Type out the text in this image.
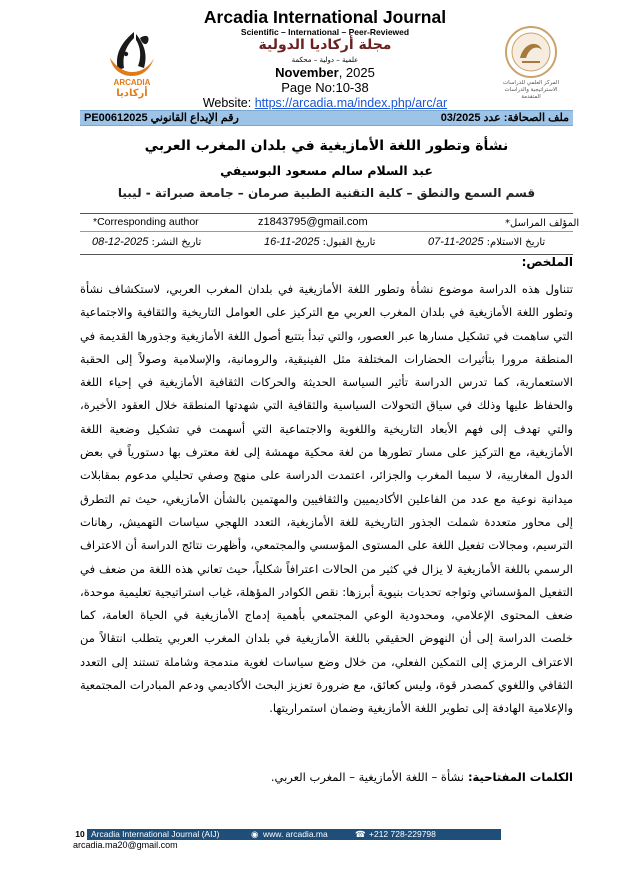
ARCADIA
أركاديا
المركز العلمي للدراسات الاستراتيجية والدراسات المتقدمة
Arcadia International Journal
Scientific – International – Peer-Reviewed
مجلة أركاديا الدولية
علمية – دولية – محكمة
November, 2025
Page No:10-38
Website: https://arcadia.ma/index.php/arc/ar
ملف الصحافة: عدد 03/2025
رقم الإيداع القانوني PE00612025
نشأة وتطور اللغة الأمازيغية في بلدان المغرب العربي
عبد السلام سالم مسعود البوسيفي
قسم السمع والنطق – كلية التقنية الطبية صرمان – جامعة صبراتة - ليبيا
المؤلف المراسل*
z1843795@gmail.com
*Corresponding author
تاريخ الاستلام: 2025-11-07
تاريخ القبول: 2025-11-16
تاريخ النشر: 2025-12-08
الملخص:
تتناول هذه الدراسة موضوع نشأة وتطور اللغة الأمازيغية في بلدان المغرب العربي، لاستكشاف نشأة وتطور اللغة الأمازيغية في بلدان المغرب العربي مع التركيز على العوامل التاريخية والثقافية والاجتماعية التي ساهمت في تشكيل مسارها عبر العصور، والتي تبدأ بتتبع أصول اللغة الأمازيغية وجذورها القديمة في المنطقة مرورا بتأثيرات الحضارات المختلفة مثل الفينيقية، والرومانية، والإسلامية وصولاً إلى الحقبة الاستعمارية، كما تدرس الدراسة تأثير السياسة الحديثة والحركات الثقافية الأمازيغية في إحياء اللغة والحفاظ عليها وذلك في سياق التحولات السياسية والثقافية التي شهدتها المنطقة خلال العقود الأخيرة، والتي تهدف إلى فهم الأبعاد التاريخية واللغوية والاجتماعية التي أسهمت في تشكيل وضعية اللغة الأمازيغية، مع التركيز على مسار تطورها من لغة محكية مهمشة إلى لغة معترف بها دستورياً في بعض الدول المغاربية، لا سيما المغرب والجزائر، اعتمدت الدراسة على منهج وصفي تحليلي مدعوم بمقابلات ميدانية نوعية مع عدد من الفاعلين الأكاديميين والثقافيين والمهتمين بالشأن الأمازيغي، حيث تم التطرق إلى محاور متعددة شملت الجذور التاريخية للغة الأمازيغية، التعدد اللهجي سياسات التهميش، رهانات الترسيم، ومجالات تفعيل اللغة على المستوى المؤسسي والمجتمعي، وأظهرت نتائج الدراسة أن الاعتراف الرسمي باللغة الأمازيغية لا يزال في كثير من الحالات اعترافاً شكلياً، حيث تعاني هذه اللغة من ضعف في التفعيل المؤسساتي وتواجه تحديات بنيوية أبرزها: نقص الكوادر المؤهلة، غياب استراتيجية تعليمية موحدة، ضعف المحتوى الإعلامي، ومحدودية الوعي المجتمعي بأهمية إدماج الأمازيغية في الحياة العامة، كما خلصت الدراسة إلى أن النهوض الحقيقي باللغة الأمازيغية في بلدان المغرب العربي يتطلب انتقالاً من الاعتراف الرمزي إلى التمكين الفعلي، من خلال وضع سياسات لغوية مندمجة وشاملة تستند إلى التعدد الثقافي واللغوي كمصدر قوة، وليس كعائق، مع ضرورة تعزيز البحث الأكاديمي ودعم المبادرات المجتمعية والإعلامية الهادفة إلى تطوير اللغة الأمازيغية وضمان استمراريتها.
الكلمات المفتاحية: نشأة – اللغة الأمازيغية – المغرب العربي.
10 Arcadia International Journal (AIJ)	◉ www. arcadia.ma	☎ +212 728-229798
arcadia.ma20@gmail.com
